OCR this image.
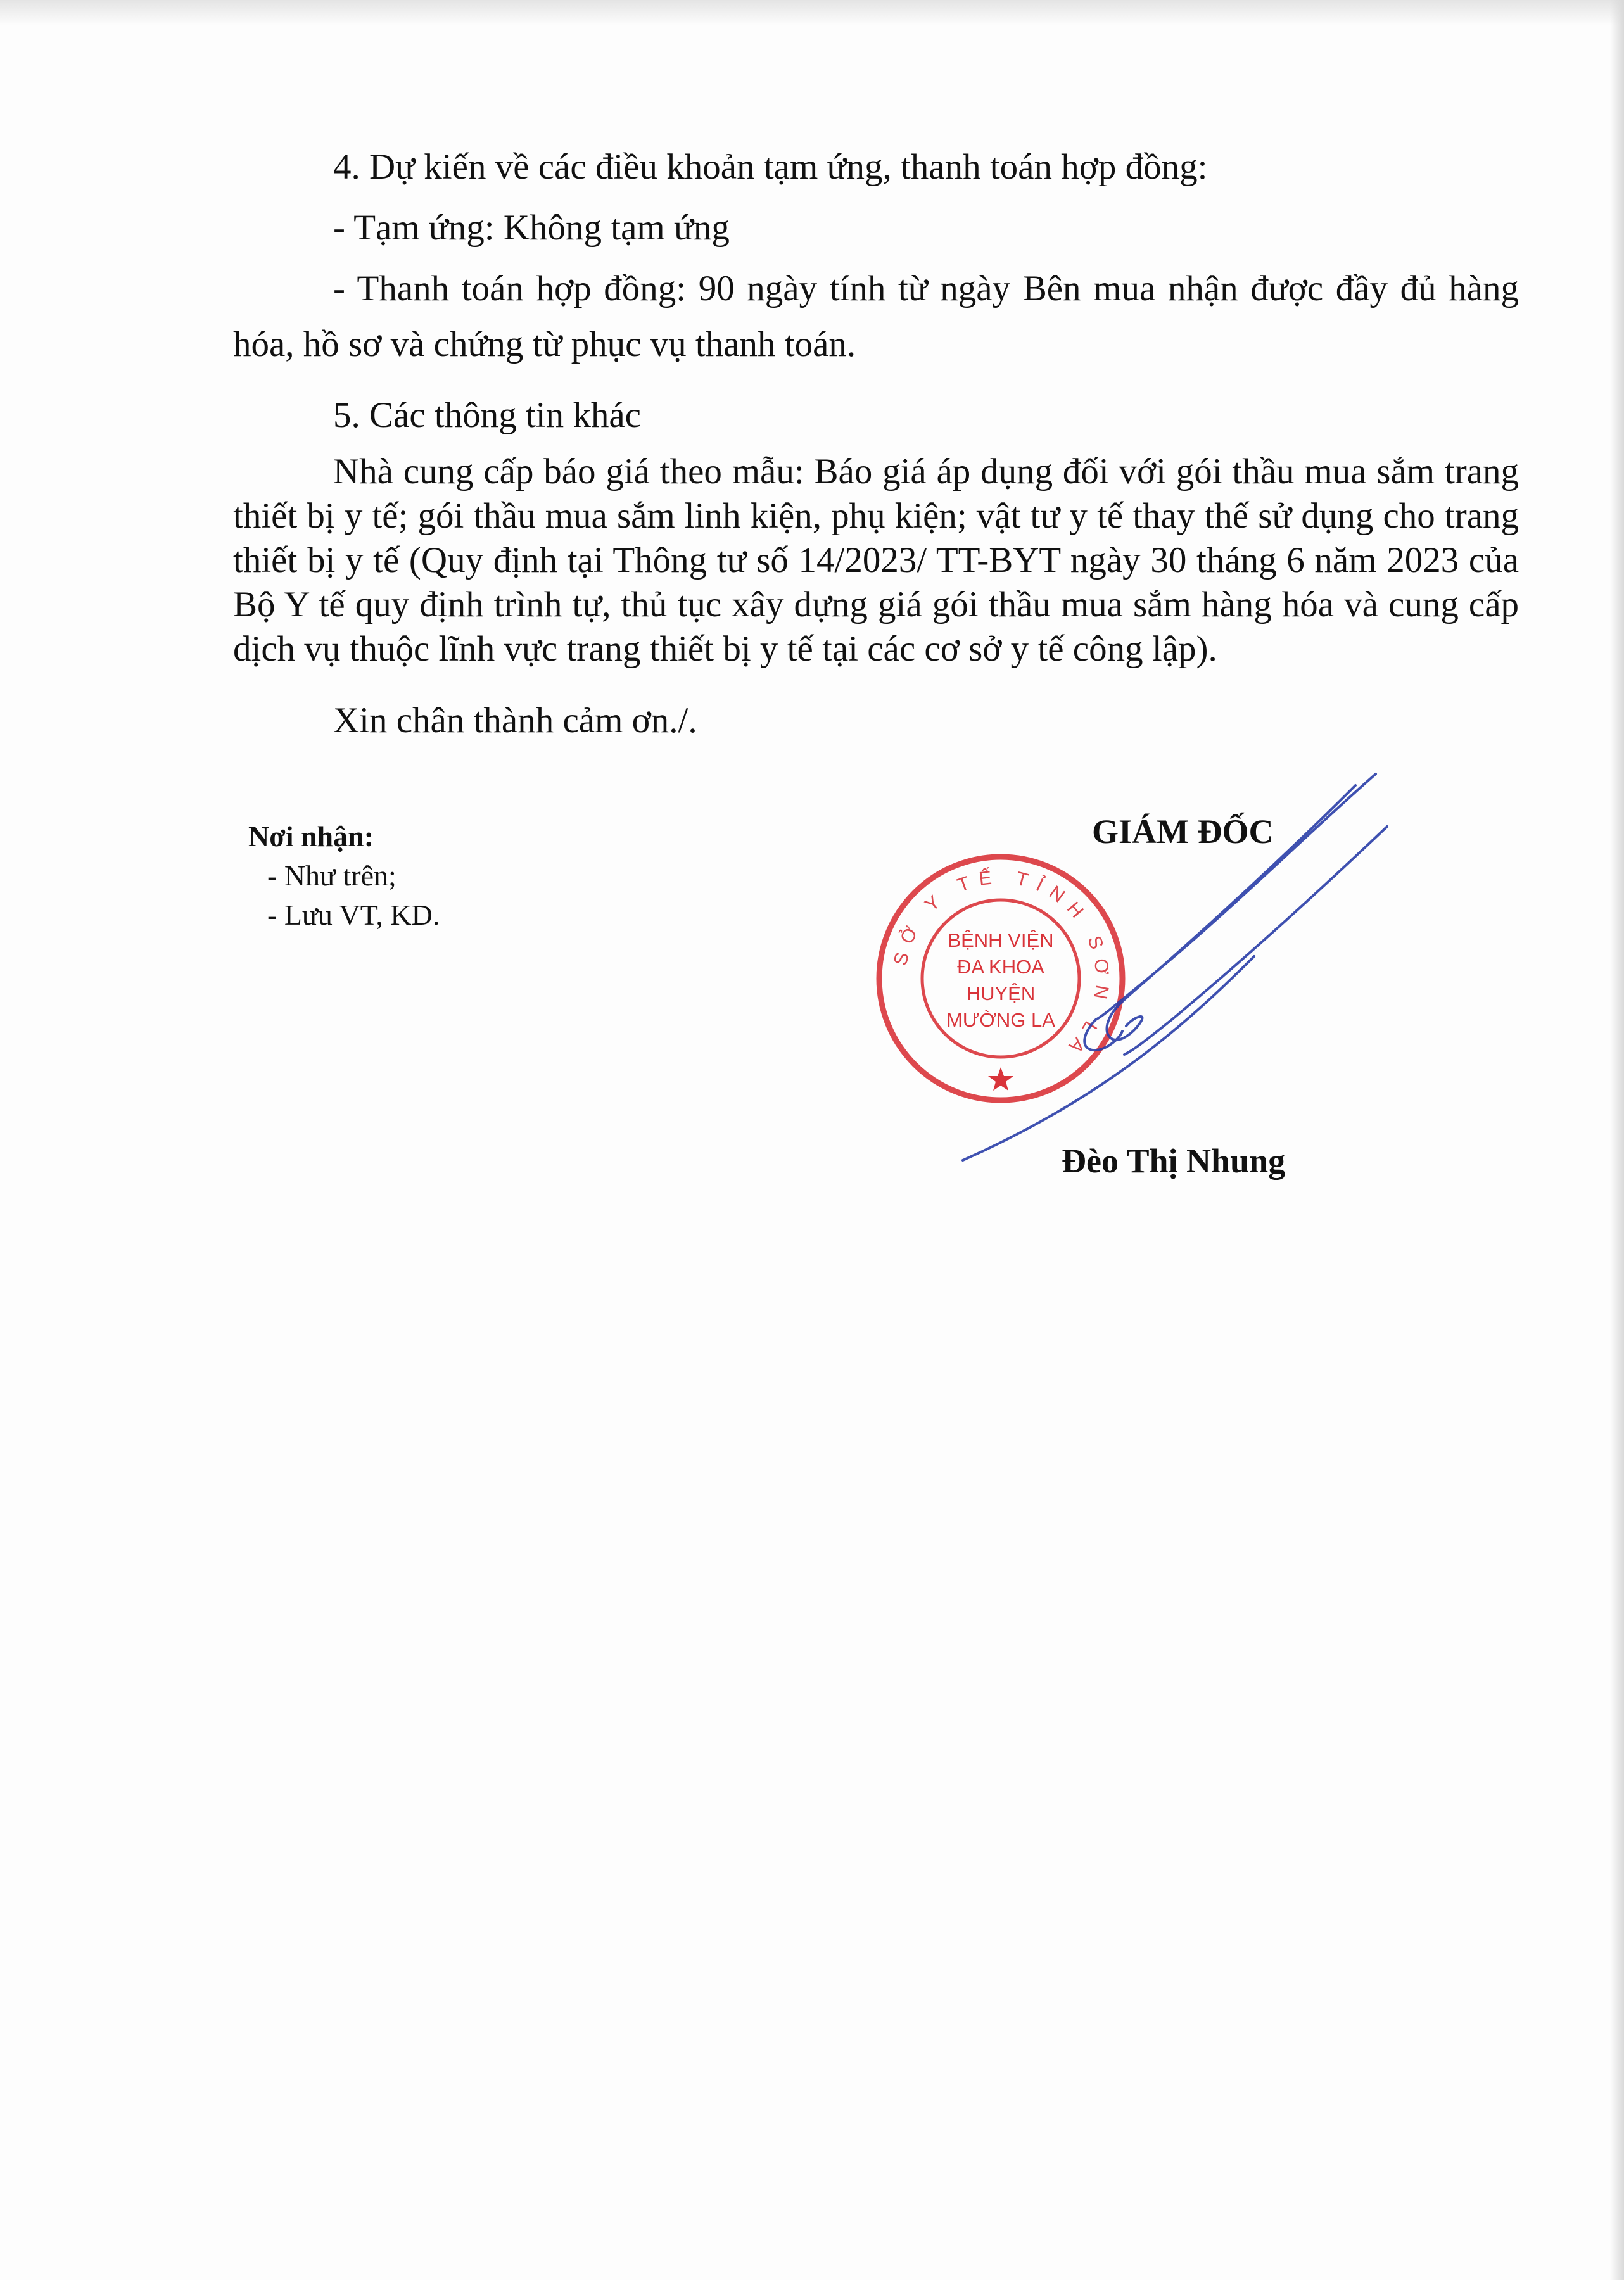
4. Dự kiến về các điều khoản tạm ứng, thanh toán hợp đồng:

- Tạm ứng: Không tạm ứng

- Thanh toán hợp đồng: 90 ngày tính từ ngày Bên mua nhận được đầy đủ hàng hóa, hồ sơ và chứng từ phục vụ thanh toán.

5. Các thông tin khác

Nhà cung cấp báo giá theo mẫu: Báo giá áp dụng đối với gói thầu mua sắm trang thiết bị y tế; gói thầu mua sắm linh kiện, phụ kiện; vật tư y tế thay thế sử dụng cho trang thiết bị y tế (Quy định tại Thông tư số 14/2023/ TT-BYT ngày 30 tháng 6 năm 2023 của Bộ Y tế quy định trình tự, thủ tục xây dựng giá gói thầu mua sắm hàng hóa và cung cấp dịch vụ thuộc lĩnh vực trang thiết bị y tế tại các cơ sở y tế công lập).

Xin chân thành cảm ơn./.

Nơi nhận:
- Như trên;
- Lưu VT, KD.
GIÁM ĐỐC
SỞ Y TẾ TỈNH SƠN LA
BỆNH VIỆN
ĐA KHOA
HUYỆN
MƯỜNG LA
Đèo Thị Nhung
